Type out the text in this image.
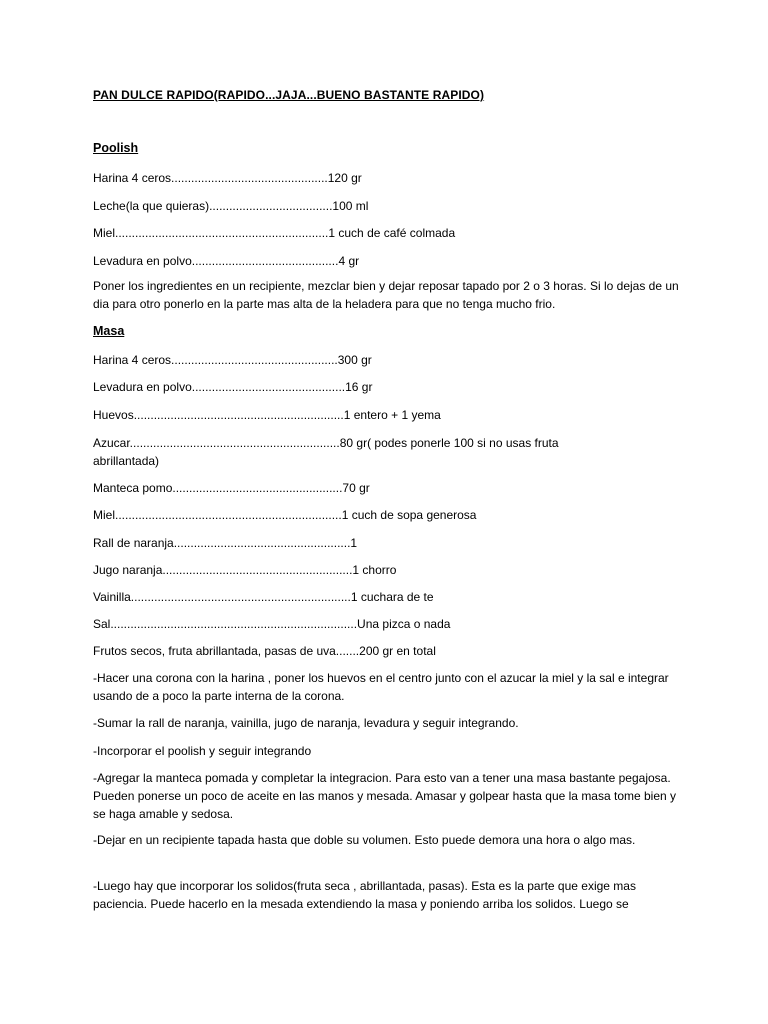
PAN DULCE RAPIDO(RAPIDO...JAJA...BUENO BASTANTE RAPIDO)
Poolish
Harina 4 ceros...............................................120 gr
Leche(la que quieras).....................................100 ml
Miel................................................................1 cuch de café colmada
Levadura en polvo............................................4 gr
Poner los ingredientes en un recipiente, mezclar bien y dejar reposar tapado por 2 o 3 horas. Si lo dejas de un dia para otro ponerlo en la parte mas alta de la heladera para que no tenga mucho frio.
Masa
Harina 4 ceros..................................................300 gr
Levadura en polvo..............................................16 gr
Huevos...............................................................1 entero + 1 yema
Azucar...............................................................80 gr( podes ponerle 100 si no usas fruta abrillantada)
Manteca pomo...................................................70 gr
Miel....................................................................1 cuch de sopa generosa
Rall de naranja.....................................................1
Jugo naranja.........................................................1 chorro
Vainilla..................................................................1 cuchara de te
Sal..........................................................................Una pizca o nada
Frutos secos, fruta abrillantada, pasas de uva.......200 gr en total
-Hacer una corona con la harina , poner los huevos en el centro junto con el azucar la miel y la sal e integrar usando de a poco la parte interna de la corona.
-Sumar la rall de naranja, vainilla, jugo de naranja, levadura y seguir integrando.
-Incorporar el poolish y seguir integrando
-Agregar la manteca pomada y completar la integracion. Para esto van a tener una masa bastante pegajosa. Pueden ponerse un poco de aceite en las manos y mesada. Amasar y golpear hasta que la masa tome bien y se haga amable y sedosa.
-Dejar en un recipiente tapada hasta que doble su volumen. Esto puede demora una hora o algo mas.
-Luego hay que incorporar los solidos(fruta seca , abrillantada, pasas). Esta es la parte que exige mas paciencia. Puede hacerlo en la mesada extendiendo la masa y poniendo arriba los solidos. Luego se
